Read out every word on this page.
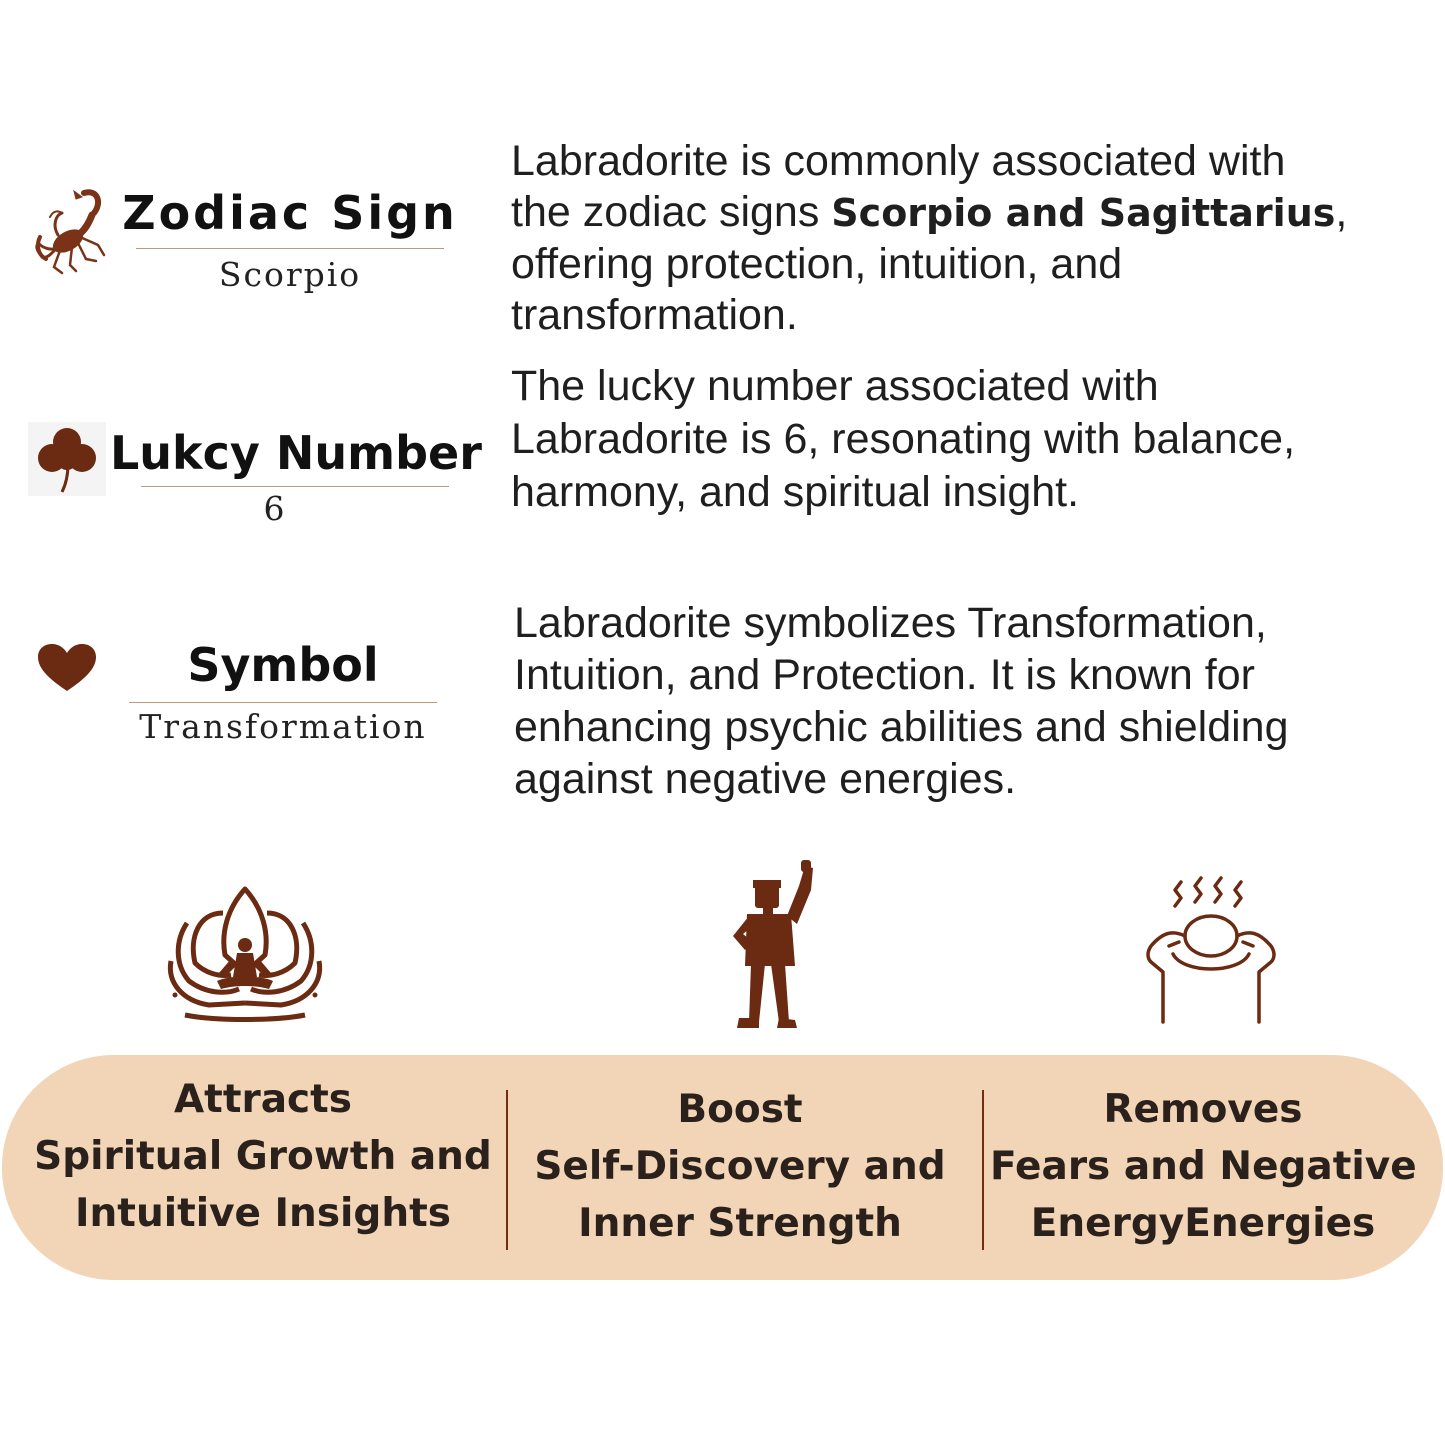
Zodiac Sign
Scorpio
Labradorite is commonly associated with
the zodiac signs Scorpio and Sagittarius,
offering protection, intuition, and
transformation.
Lukcy Number
6
The lucky number associated with
Labradorite is 6, resonating with balance,
harmony, and spiritual insight.
Symbol
Transformation
Labradorite symbolizes Transformation,
Intuition, and Protection. It is known for
enhancing psychic abilities and shielding
against negative energies.
Attracts
Spiritual Growth and
Intuitive Insights
Boost
Self-Discovery and
Inner Strength
Removes
Fears and Negative
EnergyEnergies
